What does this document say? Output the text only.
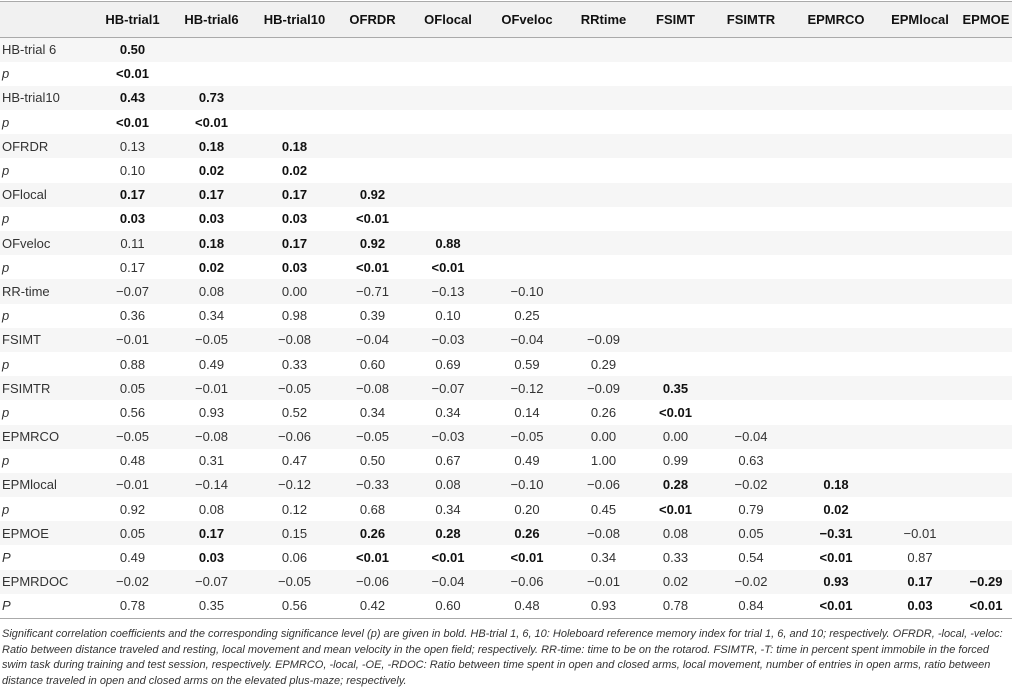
	HB-trial1	HB-trial6	HB-trial10	OFRDR	OFlocal	OFveloc	RRtime	FSIMT	FSIMTR	EPMRCO	EPMlocal	EPMOE
HB-trial 6	0.50											
p	<0.01											
HB-trial10	0.43	0.73										
p	<0.01	<0.01										
OFRDR	0.13	0.18	0.18									
p	0.10	0.02	0.02									
OFlocal	0.17	0.17	0.17	0.92								
p	0.03	0.03	0.03	<0.01								
OFveloc	0.11	0.18	0.17	0.92	0.88							
p	0.17	0.02	0.03	<0.01	<0.01							
RR-time	−0.07	0.08	0.00	−0.71	−0.13	−0.10						
p	0.36	0.34	0.98	0.39	0.10	0.25						
FSIMT	−0.01	−0.05	−0.08	−0.04	−0.03	−0.04	−0.09					
p	0.88	0.49	0.33	0.60	0.69	0.59	0.29					
FSIMTR	0.05	−0.01	−0.05	−0.08	−0.07	−0.12	−0.09	0.35				
p	0.56	0.93	0.52	0.34	0.34	0.14	0.26	<0.01				
EPMRCO	−0.05	−0.08	−0.06	−0.05	−0.03	−0.05	0.00	0.00	−0.04			
p	0.48	0.31	0.47	0.50	0.67	0.49	1.00	0.99	0.63			
EPMlocal	−0.01	−0.14	−0.12	−0.33	0.08	−0.10	−0.06	0.28	−0.02	0.18		
p	0.92	0.08	0.12	0.68	0.34	0.20	0.45	<0.01	0.79	0.02		
EPMOE	0.05	0.17	0.15	0.26	0.28	0.26	−0.08	0.08	0.05	−0.31	−0.01	
P	0.49	0.03	0.06	<0.01	<0.01	<0.01	0.34	0.33	0.54	<0.01	0.87	
EPMRDOC	−0.02	−0.07	−0.05	−0.06	−0.04	−0.06	−0.01	0.02	−0.02	0.93	0.17	−0.29
P	0.78	0.35	0.56	0.42	0.60	0.48	0.93	0.78	0.84	<0.01	0.03	<0.01
Significant correlation coefficients and the corresponding significance level (p) are given in bold. HB-trial 1, 6, 10: Holeboard reference memory index for trial 1, 6, and 10; respectively. OFRDR, -local, -veloc: Ratio between distance traveled and resting, local movement and mean velocity in the open field; respectively. RR-time: time to be on the rotarod. FSIMTR, -T: time in percent spent immobile in the forced swim task during training and test session, respectively. EPMRCO, -local, -OE, -RDOC: Ratio between time spent in open and closed arms, local movement, number of entries in open arms, ratio between distance traveled in open and closed arms on the elevated plus-maze; respectively.
